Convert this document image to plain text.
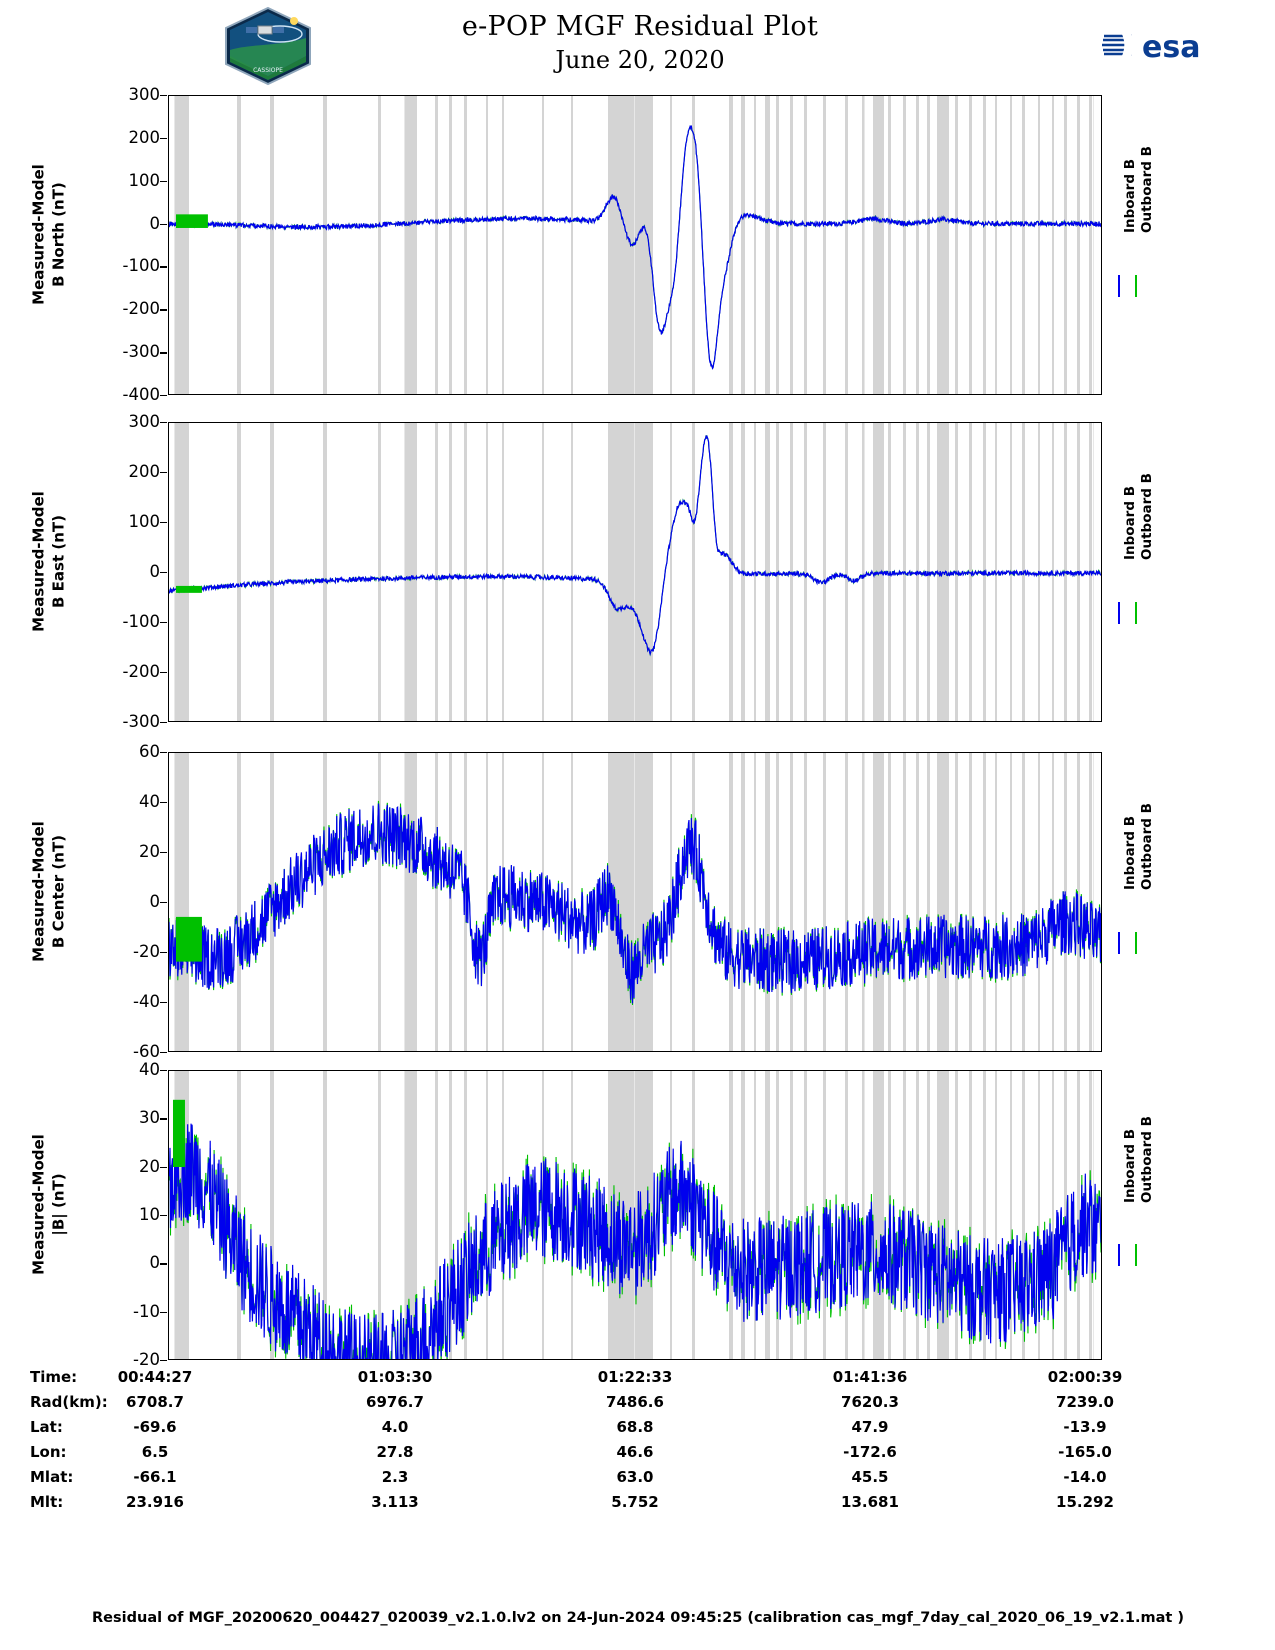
CASSIOPE
e-POP MGF Residual Plot
June 20, 2020	esa
Measured-Model B North (nT)
-400
-300
-200
-100
0
100
200
300
Inboard B Outboard B
Measured-Model B East (nT)
-300
-200
-100
0
100
200
300
Inboard B Outboard B
Measured-Model B Center (nT)
-60
-40
-20
0
20
40
60
Inboard B Outboard B
Measured-Model |B| (nT)
-20
-10
0
10
20
30
40
Inboard B Outboard B
Time:	00:44:27	01:03:30	01:22:33	01:41:36	02:00:39
Rad(km):	6708.7	6976.7	7486.6	7620.3	7239.0
Lat:	-69.6	4.0	68.8	47.9	-13.9
Lon:	6.5	27.8	46.6	-172.6	-165.0
Mlat:	-66.1	2.3	63.0	45.5	-14.0
Mlt:	23.916	3.113	5.752	13.681	15.292
Residual of MGF_20200620_004427_020039_v2.1.0.lv2 on 24-Jun-2024 09:45:25 (calibration cas_mgf_7day_cal_2020_06_19_v2.1.mat )
